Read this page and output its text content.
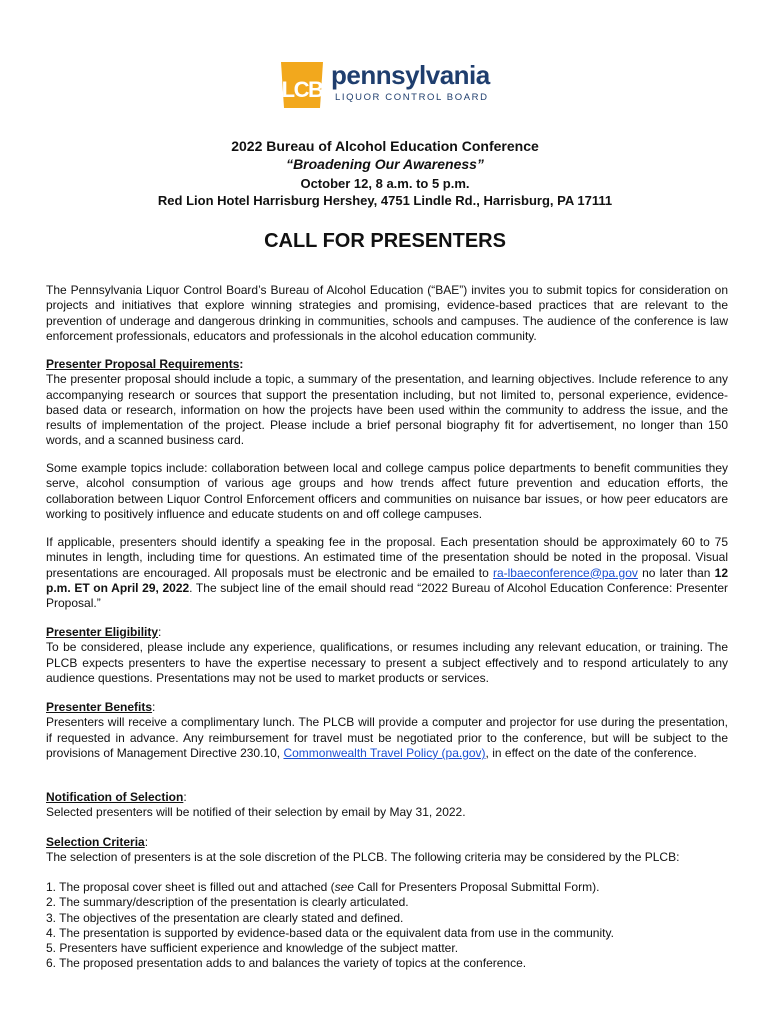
LCB pennsylvania
LIQUOR CONTROL BOARD
2022 Bureau of Alcohol Education Conference
“Broadening Our Awareness”
October 12, 8 a.m. to 5 p.m.
Red Lion Hotel Harrisburg Hershey, 4751 Lindle Rd., Harrisburg, PA 17111
CALL FOR PRESENTERS

The Pennsylvania Liquor Control Board’s Bureau of Alcohol Education (“BAE”) invites you to submit topics for consideration on projects and initiatives that explore winning strategies and promising, evidence-based practices that are relevant to the prevention of underage and dangerous drinking in communities, schools and campuses. The audience of the conference is law enforcement professionals, educators and professionals in the alcohol education community.

Presenter Proposal Requirements:
The presenter proposal should include a topic, a summary of the presentation, and learning objectives. Include reference to any accompanying research or sources that support the presentation including, but not limited to, personal experience, evidence-based data or research, information on how the projects have been used within the community to address the issue, and the results of implementation of the project. Please include a brief personal biography fit for advertisement, no longer than 150 words, and a scanned business card.

Some example topics include: collaboration between local and college campus police departments to benefit communities they serve, alcohol consumption of various age groups and how trends affect future prevention and education efforts, the collaboration between Liquor Control Enforcement officers and communities on nuisance bar issues, or how peer educators are working to positively influence and educate students on and off college campuses.

If applicable, presenters should identify a speaking fee in the proposal. Each presentation should be approximately 60 to 75 minutes in length, including time for questions. An estimated time of the presentation should be noted in the proposal. Visual presentations are encouraged. All proposals must be electronic and be emailed to ra-lbaeconference@pa.gov no later than 12 p.m. ET on April 29, 2022. The subject line of the email should read “2022 Bureau of Alcohol Education Conference: Presenter Proposal.”

Presenter Eligibility:
To be considered, please include any experience, qualifications, or resumes including any relevant education, or training. The PLCB expects presenters to have the expertise necessary to present a subject effectively and to respond articulately to any audience questions. Presentations may not be used to market products or services.

Presenter Benefits:
Presenters will receive a complimentary lunch. The PLCB will provide a computer and projector for use during the presentation, if requested in advance. Any reimbursement for travel must be negotiated prior to the conference, but will be subject to the provisions of Management Directive 230.10, Commonwealth Travel Policy (pa.gov), in effect on the date of the conference.

Notification of Selection:
Selected presenters will be notified of their selection by email by May 31, 2022.

Selection Criteria:
The selection of presenters is at the sole discretion of the PLCB. The following criteria may be considered by the PLCB:

1. The proposal cover sheet is filled out and attached (see Call for Presenters Proposal Submittal Form).
2. The summary/description of the presentation is clearly articulated.
3. The objectives of the presentation are clearly stated and defined.
4. The presentation is supported by evidence-based data or the equivalent data from use in the community.
5. Presenters have sufficient experience and knowledge of the subject matter.
6. The proposed presentation adds to and balances the variety of topics at the conference.
